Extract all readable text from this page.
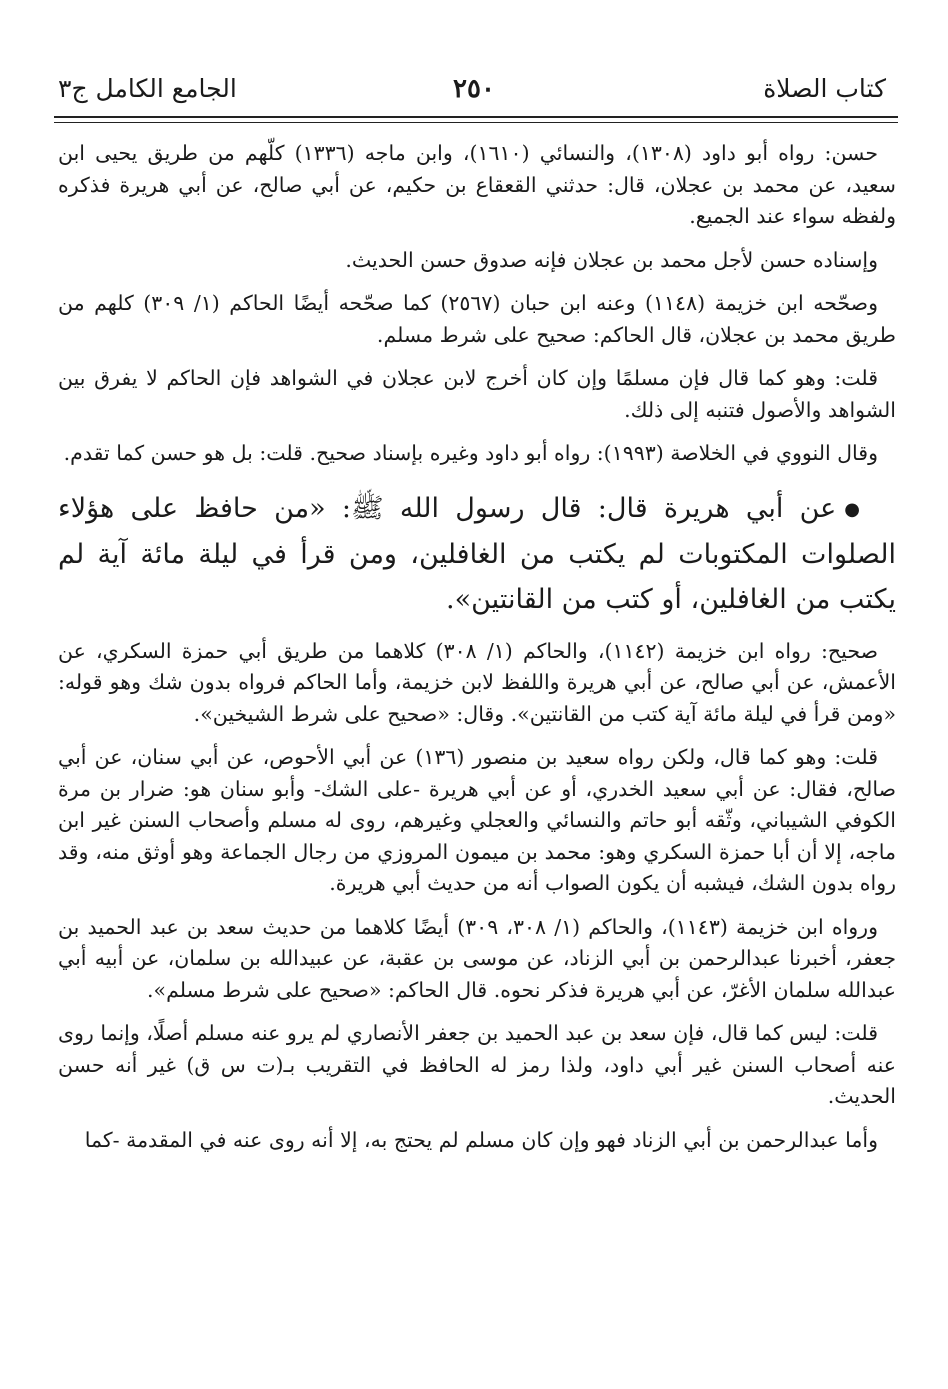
كتاب الصلاة
٢٥٠
الجامع الكامل ج٣

حسن: رواه أبو داود (١٣٠٨)، والنسائي (١٦١٠)، وابن ماجه (١٣٣٦) كلّهم من طريق يحيى ابن سعيد، عن محمد بن عجلان، قال: حدثني القعقاع بن حكيم، عن أبي صالح، عن أبي هريرة فذكره ولفظه سواء عند الجميع.

وإسناده حسن لأجل محمد بن عجلان فإنه صدوق حسن الحديث.

وصحّحه ابن خزيمة (١١٤٨) وعنه ابن حبان (٢٥٦٧) كما صحّحه أيضًا الحاكم (١/ ٣٠٩) كلهم من طريق محمد بن عجلان، قال الحاكم: صحيح على شرط مسلم.

قلت: وهو كما قال فإن مسلمًا وإن كان أخرج لابن عجلان في الشواهد فإن الحاكم لا يفرق بين الشواهد والأصول فتنبه إلى ذلك.

وقال النووي في الخلاصة (١٩٩٣): رواه أبو داود وغيره بإسناد صحيح. قلت: بل هو حسن كما تقدم.

●عن أبي هريرة قال: قال رسول الله ﷺ: «من حافظ على هؤلاء الصلوات المكتوبات لم يكتب من الغافلين، ومن قرأ في ليلة مائة آية لم يكتب من الغافلين، أو كتب من القانتين».

صحيح: رواه ابن خزيمة (١١٤٢)، والحاكم (١/ ٣٠٨) كلاهما من طريق أبي حمزة السكري، عن الأعمش، عن أبي صالح، عن أبي هريرة واللفظ لابن خزيمة، وأما الحاكم فرواه بدون شك وهو قوله: «ومن قرأ في ليلة مائة آية كتب من القانتين». وقال: «صحيح على شرط الشيخين».

قلت: وهو كما قال، ولكن رواه سعيد بن منصور (١٣٦) عن أبي الأحوص، عن أبي سنان، عن أبي صالح، فقال: عن أبي سعيد الخدري، أو عن أبي هريرة -على الشك- وأبو سنان هو: ضرار بن مرة الكوفي الشيباني، وثّقه أبو حاتم والنسائي والعجلي وغيرهم، روى له مسلم وأصحاب السنن غير ابن ماجه، إلا أن أبا حمزة السكري وهو: محمد بن ميمون المروزي من رجال الجماعة وهو أوثق منه، وقد رواه بدون الشك، فيشبه أن يكون الصواب أنه من حديث أبي هريرة.

ورواه ابن خزيمة (١١٤٣)، والحاكم (١/ ٣٠٨، ٣٠٩) أيضًا كلاهما من حديث سعد بن عبد الحميد بن جعفر، أخبرنا عبدالرحمن بن أبي الزناد، عن موسى بن عقبة، عن عبيدالله بن سلمان، عن أبيه أبي عبدالله سلمان الأغرّ، عن أبي هريرة فذكر نحوه. قال الحاكم: «صحيح على شرط مسلم».

قلت: ليس كما قال، فإن سعد بن عبد الحميد بن جعفر الأنصاري لم يرو عنه مسلم أصلًا، وإنما روى عنه أصحاب السنن غير أبي داود، ولذا رمز له الحافظ في التقريب بـ(ت س ق) غير أنه حسن الحديث.

وأما عبدالرحمن بن أبي الزناد فهو وإن كان مسلم لم يحتج به، إلا أنه روى عنه في المقدمة -كما
